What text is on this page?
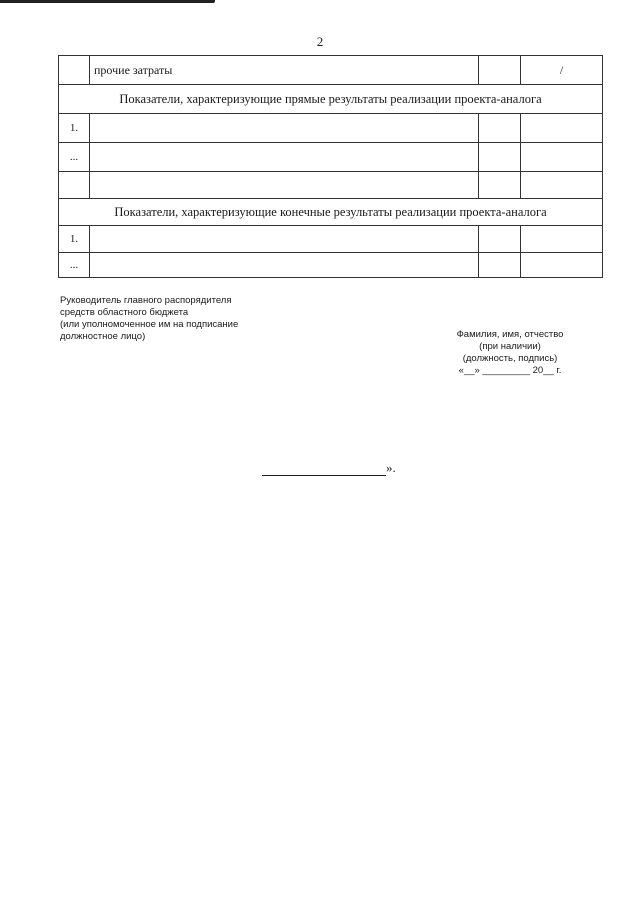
2
	прочие затраты		/
Показатели, характеризующие прямые результаты реализации проекта-аналога			
1.			
...			

Показатели, характеризующие конечные результаты реализации проекта-аналога			
1.			
...			
Руководитель главного распорядителя
средств областного бюджета
(или уполномоченное им на подписание
должностное лицо)	Фамилия, имя, отчество
(при наличии)
(должность, подпись)
«__» _________ 20__ г.
».
